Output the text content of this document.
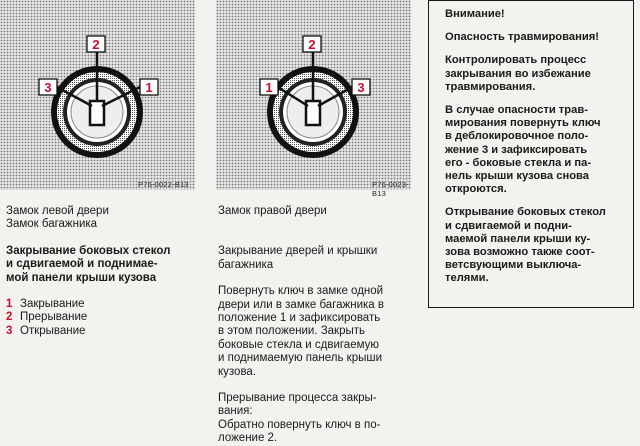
2
3	1
P76-0022-B13
2
1	3
P76-0023-B13

Замок левой двери

Замок багажника

Закрывание боковых стекол

и сдвигаемой и поднимае-

мой панели крыши кузова

1 Закрывание

2 Прерывание

3 Открывание

Замок правой двери

Закрывание дверей и крышки

багажника

Повернуть ключ в замке одной

двери или в замке багажника в

положение 1 и зафиксировать

в этом положении. Закрыть

боковые стекла и сдвигаемую

и поднимаемую панель крыши

кузова.

Прерывание процесса закры-

вания:

Обратно повернуть ключ в по-

ложение 2.

Внимание!

Опасность травмирования!

Контролировать процесс
закрывания во избежание
травмирования.

В случае опасности трав-
мирования повернуть ключ
в деблокировочное поло-
жение 3 и зафиксировать
его - боковые стекла и па-
нель крыши кузова снова
откроются.

Открывание боковых стекол
и сдвигаемой и подни-
маемой панели крыши ку-
зова возможно также соот-
ветсвующими выключа-
телями.
